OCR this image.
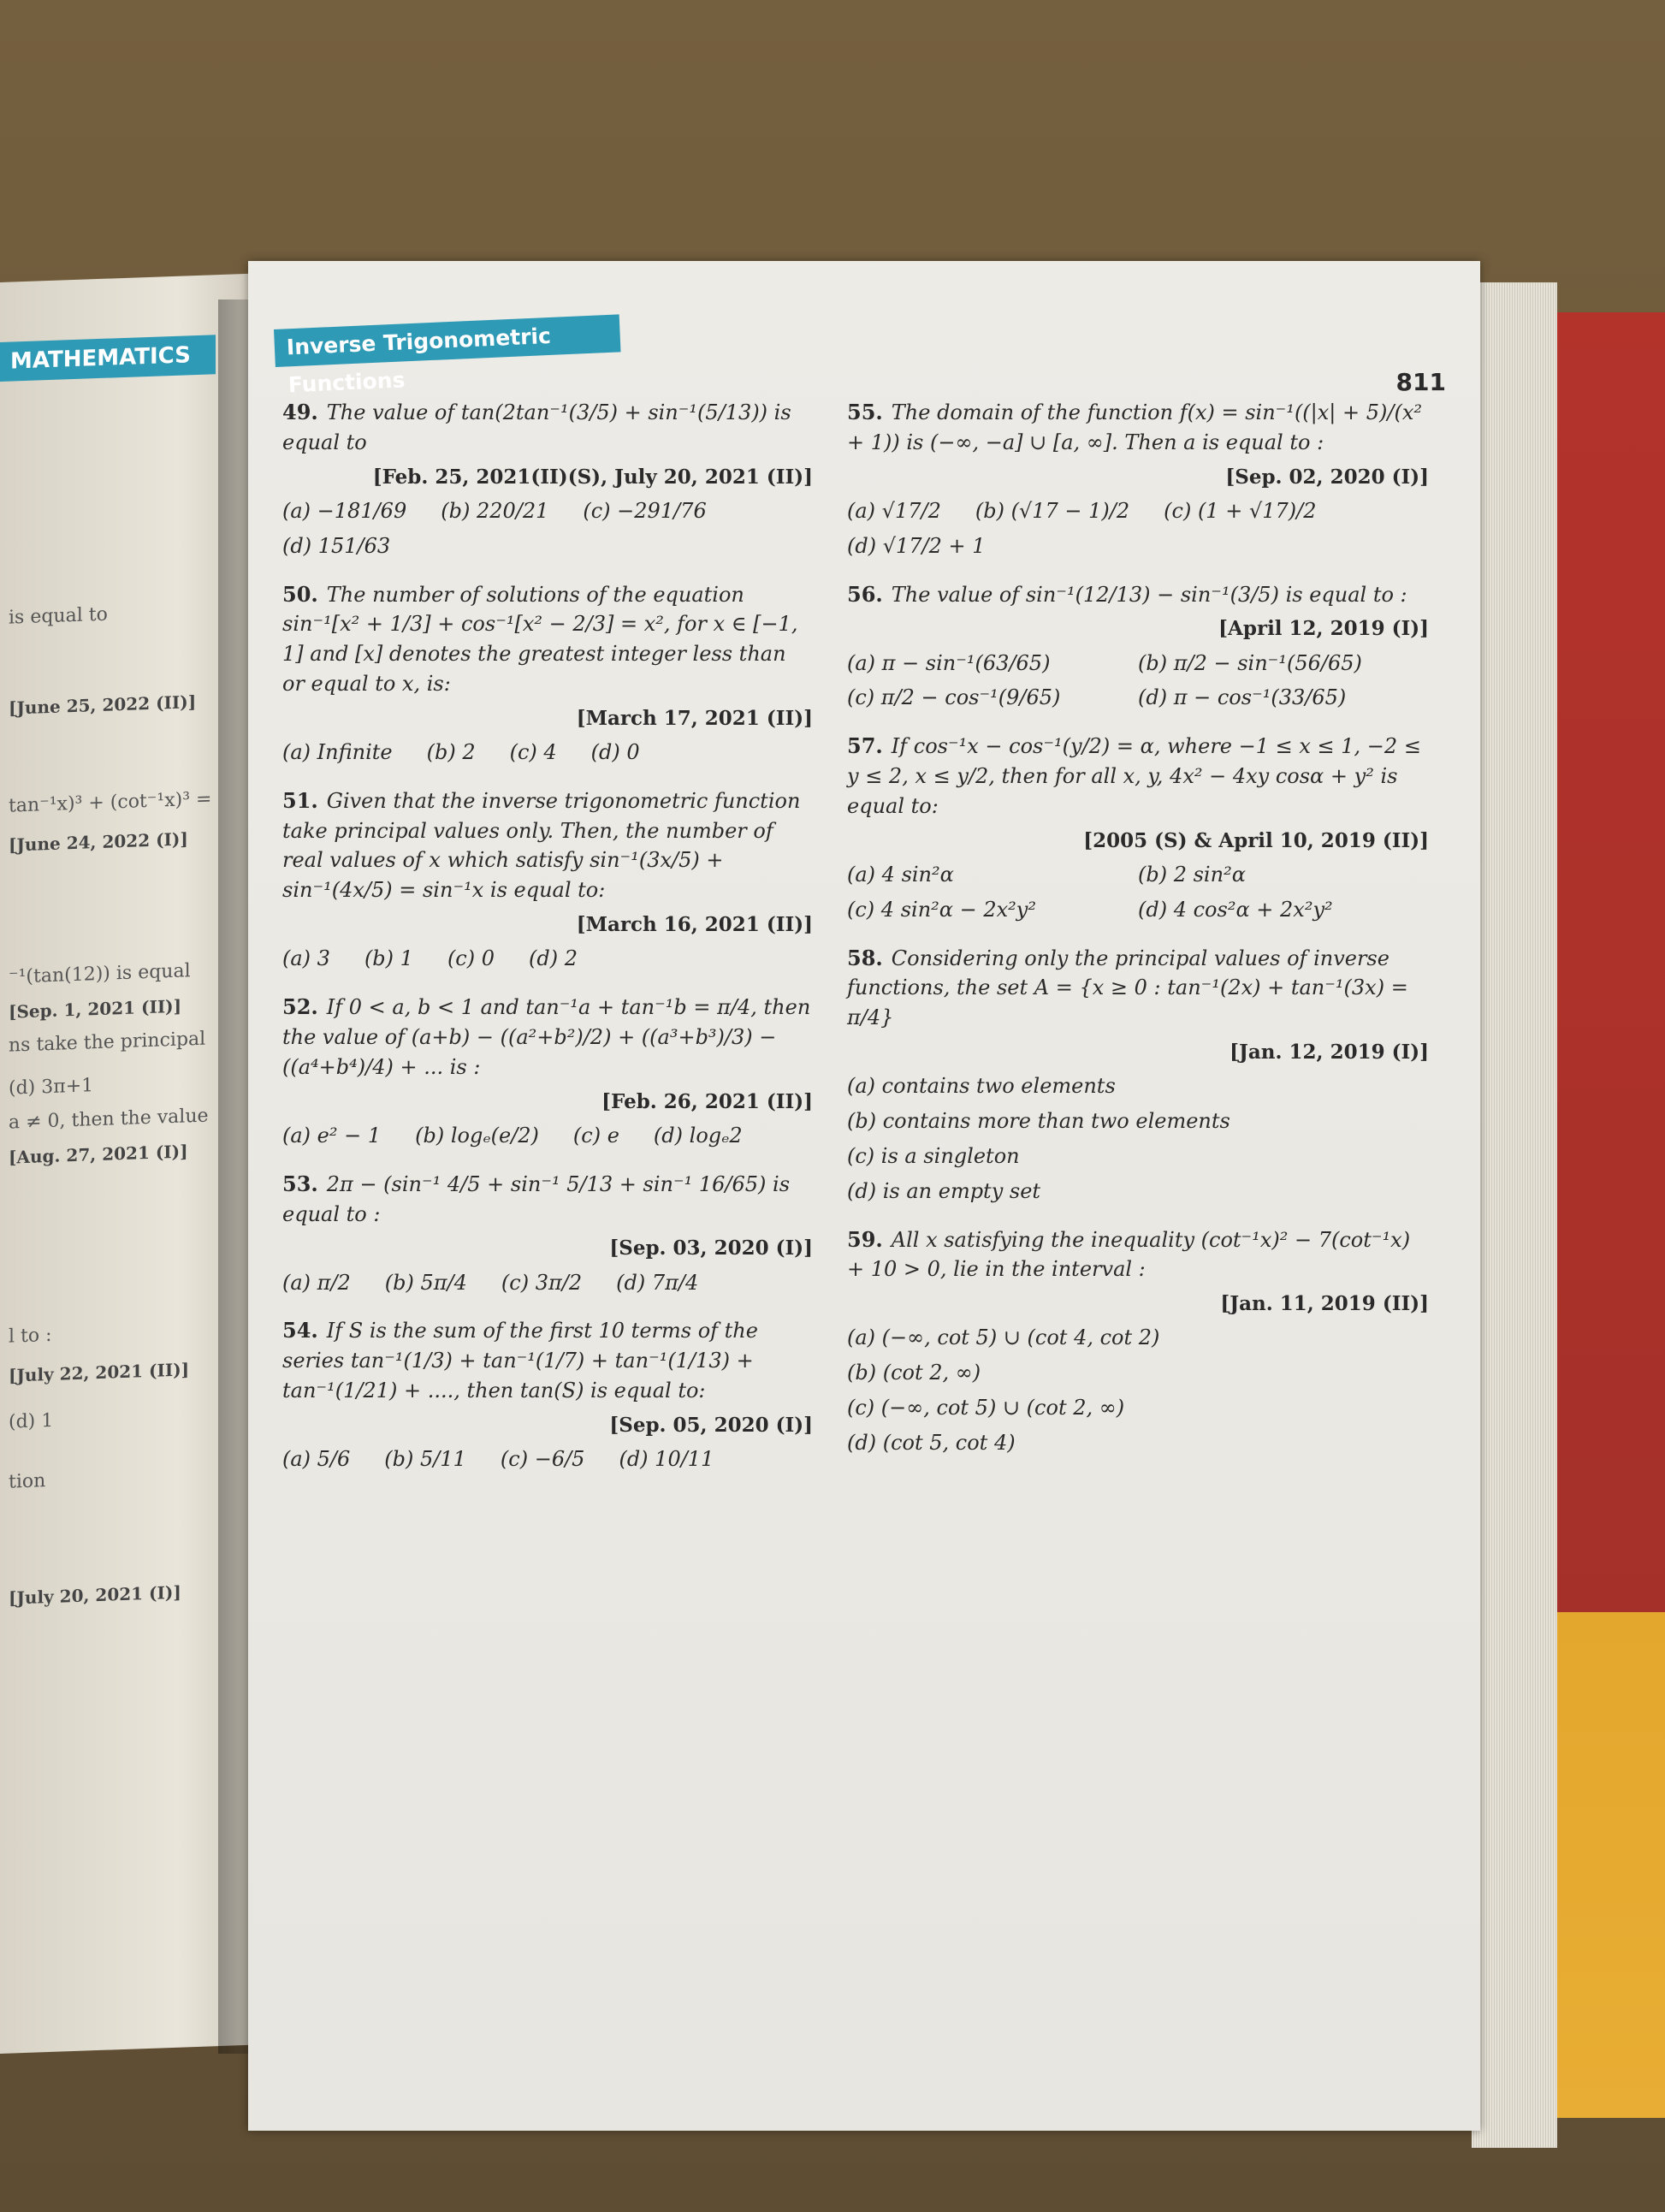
MATHEMATICS
is equal to
[June 25, 2022 (II)]
tan⁻¹x)³ + (cot⁻¹x)³ =
[June 24, 2022 (I)]
⁻¹(tan(12)) is equal
[Sep. 1, 2021 (II)]
ns take the principal
(d) 3π+1
a ≠ 0, then the value
[Aug. 27, 2021 (I)]
l to :
[July 22, 2021 (II)]
(d) 1
tion
[July 20, 2021 (I)]
Inverse Trigonometric Functions	811
49. The value of tan(2tan⁻¹(3/5) + sin⁻¹(5/13)) is equal to
[Feb. 25, 2021(II)(S), July 20, 2021 (II)]
(a) −181/69 (b) 220/21 (c) −291/76
(d) 151/63
50. The number of solutions of the equation sin⁻¹[x² + 1/3] + cos⁻¹[x² − 2/3] = x², for x ∈ [−1, 1] and [x] denotes the greatest integer less than or equal to x, is:
[March 17, 2021 (II)]
(a) Infinite (b) 2 (c) 4 (d) 0
51. Given that the inverse trigonometric function take principal values only. Then, the number of real values of x which satisfy sin⁻¹(3x/5) + sin⁻¹(4x/5) = sin⁻¹x is equal to:
[March 16, 2021 (II)]
(a) 3 (b) 1 (c) 0 (d) 2
52. If 0 < a, b < 1 and tan⁻¹a + tan⁻¹b = π/4, then the value of (a+b) − ((a²+b²)/2) + ((a³+b³)/3) − ((a⁴+b⁴)/4) + ... is :
[Feb. 26, 2021 (II)]
(a) e² − 1 (b) logₑ(e/2) (c) e (d) logₑ2
53. 2π − (sin⁻¹ 4/5 + sin⁻¹ 5/13 + sin⁻¹ 16/65) is equal to :
[Sep. 03, 2020 (I)]
(a) π/2 (b) 5π/4 (c) 3π/2 (d) 7π/4
54. If S is the sum of the first 10 terms of the series tan⁻¹(1/3) + tan⁻¹(1/7) + tan⁻¹(1/13) + tan⁻¹(1/21) + ...., then tan(S) is equal to:
[Sep. 05, 2020 (I)]
(a) 5/6 (b) 5/11 (c) −6/5 (d) 10/11
55. The domain of the function f(x) = sin⁻¹((|x| + 5)/(x² + 1)) is (−∞, −a] ∪ [a, ∞]. Then a is equal to :
[Sep. 02, 2020 (I)]
(a) √17/2 (b) (√17 − 1)/2 (c) (1 + √17)/2
(d) √17/2 + 1
56. The value of sin⁻¹(12/13) − sin⁻¹(3/5) is equal to :
[April 12, 2019 (I)]
(a) π − sin⁻¹(63/65)	(b) π/2 − sin⁻¹(56/65)
(c) π/2 − cos⁻¹(9/65)	(d) π − cos⁻¹(33/65)
57. If cos⁻¹x − cos⁻¹(y/2) = α, where −1 ≤ x ≤ 1, −2 ≤ y ≤ 2, x ≤ y/2, then for all x, y, 4x² − 4xy cosα + y² is equal to:
[2005 (S) & April 10, 2019 (II)]
(a) 4 sin²α	(b) 2 sin²α
(c) 4 sin²α − 2x²y²	(d) 4 cos²α + 2x²y²
58. Considering only the principal values of inverse functions, the set A = {x ≥ 0 : tan⁻¹(2x) + tan⁻¹(3x) = π/4}
[Jan. 12, 2019 (I)]
(a) contains two elements
(b) contains more than two elements
(c) is a singleton
(d) is an empty set
59. All x satisfying the inequality (cot⁻¹x)² − 7(cot⁻¹x) + 10 > 0, lie in the interval :
[Jan. 11, 2019 (II)]
(a) (−∞, cot 5) ∪ (cot 4, cot 2)
(b) (cot 2, ∞)
(c) (−∞, cot 5) ∪ (cot 2, ∞)
(d) (cot 5, cot 4)
